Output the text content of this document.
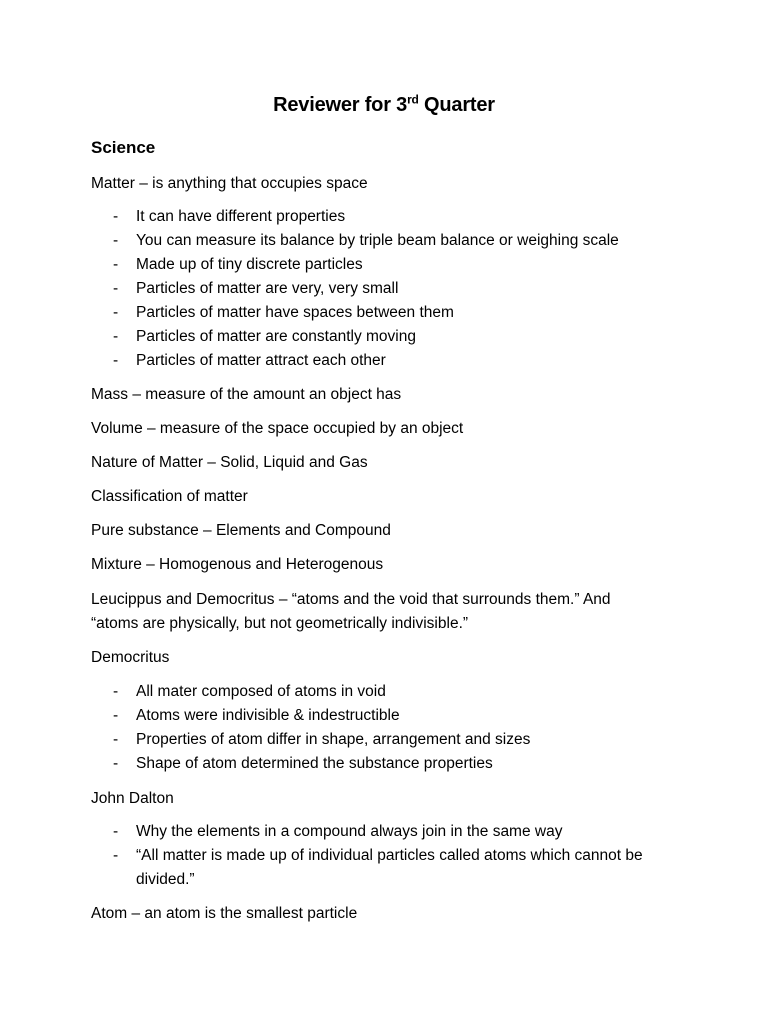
Reviewer for 3rd Quarter
Science
Matter – is anything that occupies space
- It can have different properties
- You can measure its balance by triple beam balance or weighing scale
- Made up of tiny discrete particles
- Particles of matter are very, very small
- Particles of matter have spaces between them
- Particles of matter are constantly moving
- Particles of matter attract each other
Mass – measure of the amount an object has
Volume – measure of the space occupied by an object
Nature of Matter – Solid, Liquid and Gas
Classification of matter
Pure substance – Elements and Compound
Mixture – Homogenous and Heterogenous
Leucippus and Democritus – “atoms and the void that surrounds them.” And
“atoms are physically, but not geometrically indivisible.”
Democritus
- All mater composed of atoms in void
- Atoms were indivisible & indestructible
- Properties of atom differ in shape, arrangement and sizes
- Shape of atom determined the substance properties
John Dalton
- Why the elements in a compound always join in the same way
- “All matter is made up of individual particles called atoms which cannot be
divided.”
Atom – an atom is the smallest particle
